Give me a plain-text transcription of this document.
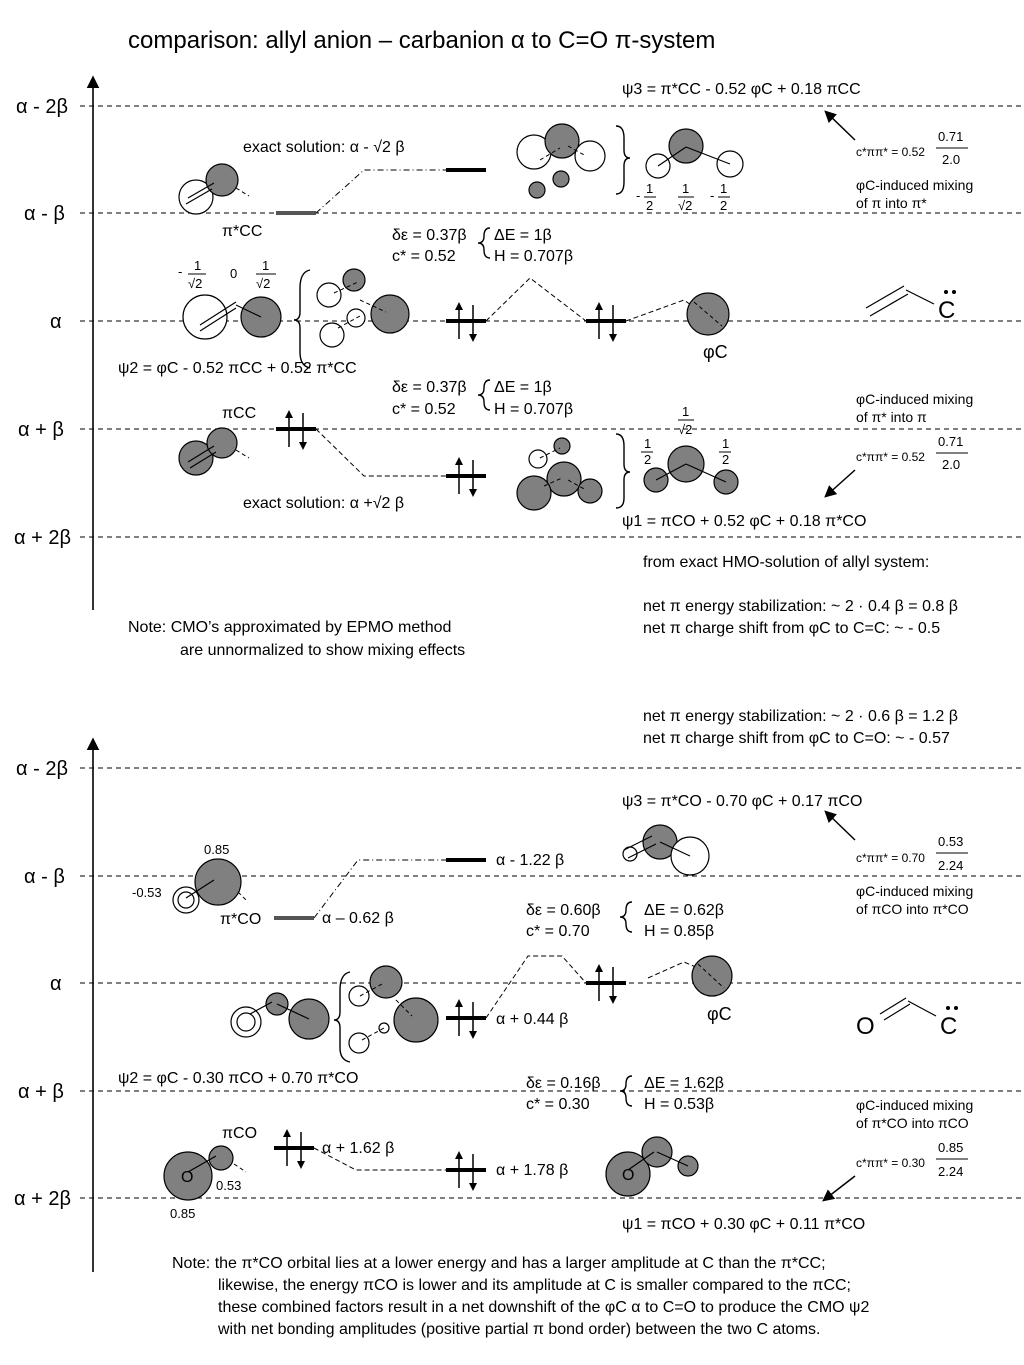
comparison: allyl anion – carbanion α to C=O π-system
α - 2β
α - β
α
α + β
α + 2β
π*CC
exact solution: α - √2 β
- 1
2
1
√2
- 1
2
ψ3 = π*CC - 0.52 φC + 0.18 πCC
c*ππ* = 0.52
0.71
2.0
φC-induced mixing
of π into π*
δε = 0.37β
c* = 0.52
ΔE = 1β
H = 0.707β
- 1
√2
0
1
√2
ψ2 = φC - 0.52 πCC + 0.52 π*CC
φC
C
δε = 0.37β
c* = 0.52
ΔE = 1β
H = 0.707β
φC-induced mixing
of π* into π
πCC
exact solution: α +√2 β
1
√2
1
2
1
2	c*ππ* = 0.52
0.71
2.0
ψ1 = πCO + 0.52 φC + 0.18 π*CO
from exact HMO-solution of allyl system:
net π energy stabilization: ~ 2 · 0.4 β = 0.8 β
net π charge shift from φC to C=C: ~ - 0.5
Note: CMO’s approximated by EPMO method
are unnormalized to show mixing effects
net π energy stabilization: ~ 2 · 0.6 β = 1.2 β
net π charge shift from φC to C=O: ~ - 0.57
α - 2β
α - β
α
α + β
α + 2β
ψ3 = π*CO - 0.70 φC + 0.17 πCO
c*ππ* = 0.70
0.53
2.24
φC-induced mixing
of πCO into π*CO
0.85
-0.53
π*CO	α – 0.62 β
α - 1.22 β
δε = 0.60β
c* = 0.70
ΔE = 0.62β
H = 0.85β
ψ2 = φC - 0.30 πCO + 0.70 π*CO
α + 0.44 β	φC	O	C
δε = 0.16β
c* = 0.30
ΔE = 1.62β
H = 0.53β	φC-induced mixing
of π*CO into πCO
πCO
O 0.53
0.85
α + 1.62 β
α + 1.78 β	O
c*ππ* = 0.30
0.85
2.24
ψ1 = πCO + 0.30 φC + 0.11 π*CO
Note: the π*CO orbital lies at a lower energy and has a larger amplitude at C than the π*CC;
likewise, the energy πCO is lower and its amplitude at C is smaller compared to the πCC;
these combined factors result in a net downshift of the φC α to C=O to produce the CMO ψ2
with net bonding amplitudes (positive partial π bond order) between the two C atoms.
